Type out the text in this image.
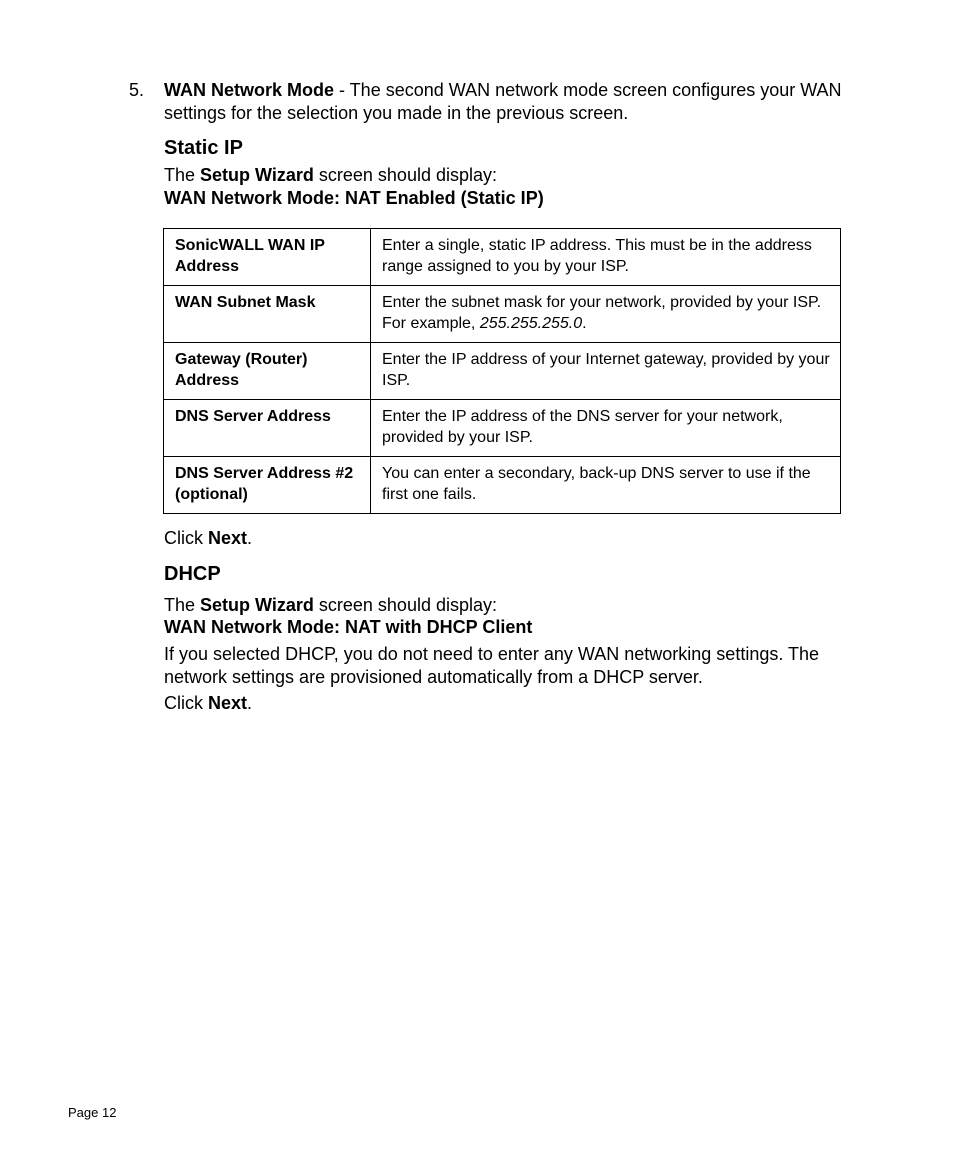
5. WAN Network Mode - The second WAN network mode screen configures your WAN settings for the selection you made in the previous screen.
Static IP
The Setup Wizard screen should display:
WAN Network Mode: NAT Enabled (Static IP)
SonicWALL WAN IP Address	Enter a single, static IP address. This must be in the address range assigned to you by your ISP.
WAN Subnet Mask	Enter the subnet mask for your network, provided by your ISP. For example, 255.255.255.0.
Gateway (Router) Address	Enter the IP address of your Internet gateway, provided by your ISP.
DNS Server Address	Enter the IP address of the DNS server for your network, provided by your ISP.
DNS Server Address #2 (optional)	You can enter a secondary, back-up DNS server to use if the first one fails.
Click Next.
DHCP
The Setup Wizard screen should display:
WAN Network Mode: NAT with DHCP Client
If you selected DHCP, you do not need to enter any WAN networking settings. The network settings are provisioned automatically from a DHCP server.
Click Next.
Page 12
